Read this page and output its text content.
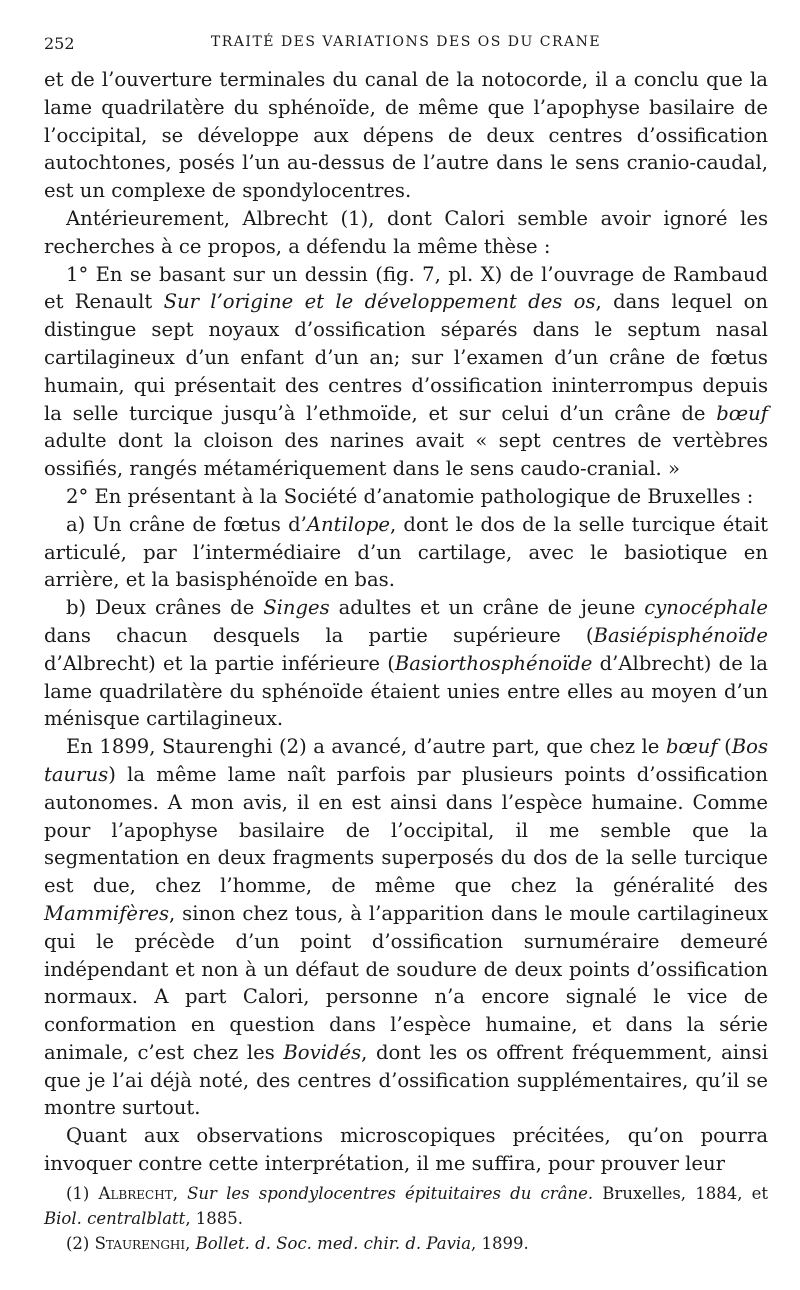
252	TRAITÉ DES VARIATIONS DES OS DU CRANE

et de l’ouverture terminales du canal de la notocorde, il a conclu que la lame quadrilatère du sphénoïde, de même que l’apophyse basilaire de l’occipital, se développe aux dépens de deux centres d’ossification autochtones, posés l’un au-dessus de l’autre dans le sens cranio-caudal, est un complexe de spondylocentres.

Antérieurement, Albrecht (1), dont Calori semble avoir ignoré les recherches à ce propos, a défendu la même thèse :

1° En se basant sur un dessin (fig. 7, pl. X) de l’ouvrage de Rambaud et Renault Sur l’origine et le développement des os, dans lequel on distingue sept noyaux d’ossification séparés dans le septum nasal cartilagineux d’un enfant d’un an; sur l’examen d’un crâne de fœtus humain, qui présentait des centres d’ossification ininterrompus depuis la selle turcique jusqu’à l’ethmoïde, et sur celui d’un crâne de bœuf adulte dont la cloison des narines avait « sept centres de vertèbres ossifiés, rangés métamériquement dans le sens caudo-cranial. »

2° En présentant à la Société d’anatomie pathologique de Bruxelles :

a) Un crâne de fœtus d’Antilope, dont le dos de la selle turcique était articulé, par l’intermédiaire d’un cartilage, avec le basiotique en arrière, et la basisphénoïde en bas.

b) Deux crânes de Singes adultes et un crâne de jeune cynocéphale dans chacun desquels la partie supérieure (Basiépisphénoïde d’Albrecht) et la partie inférieure (Basiorthosphénoïde d’Albrecht) de la lame quadrilatère du sphénoïde étaient unies entre elles au moyen d’un ménisque cartilagineux.

En 1899, Staurenghi (2) a avancé, d’autre part, que chez le bœuf (Bos taurus) la même lame naît parfois par plusieurs points d’ossification autonomes. A mon avis, il en est ainsi dans l’espèce humaine. Comme pour l’apophyse basilaire de l’occipital, il me semble que la segmentation en deux fragments superposés du dos de la selle turcique est due, chez l’homme, de même que chez la généralité des Mammifères, sinon chez tous, à l’apparition dans le moule cartilagineux qui le précède d’un point d’ossification surnuméraire demeuré indépendant et non à un défaut de soudure de deux points d’ossification normaux. A part Calori, personne n’a encore signalé le vice de conformation en question dans l’espèce humaine, et dans la série animale, c’est chez les Bovidés, dont les os offrent fréquemment, ainsi que je l’ai déjà noté, des centres d’ossification supplémentaires, qu’il se montre surtout.

Quant aux observations microscopiques précitées, qu’on pourra invoquer contre cette interprétation, il me suffira, pour prouver leur

(1) Albrecht, Sur les spondylocentres épituitaires du crâne. Bruxelles, 1884, et Biol. centralblatt, 1885.

(2) Staurenghi, Bollet. d. Soc. med. chir. d. Pavia, 1899.
